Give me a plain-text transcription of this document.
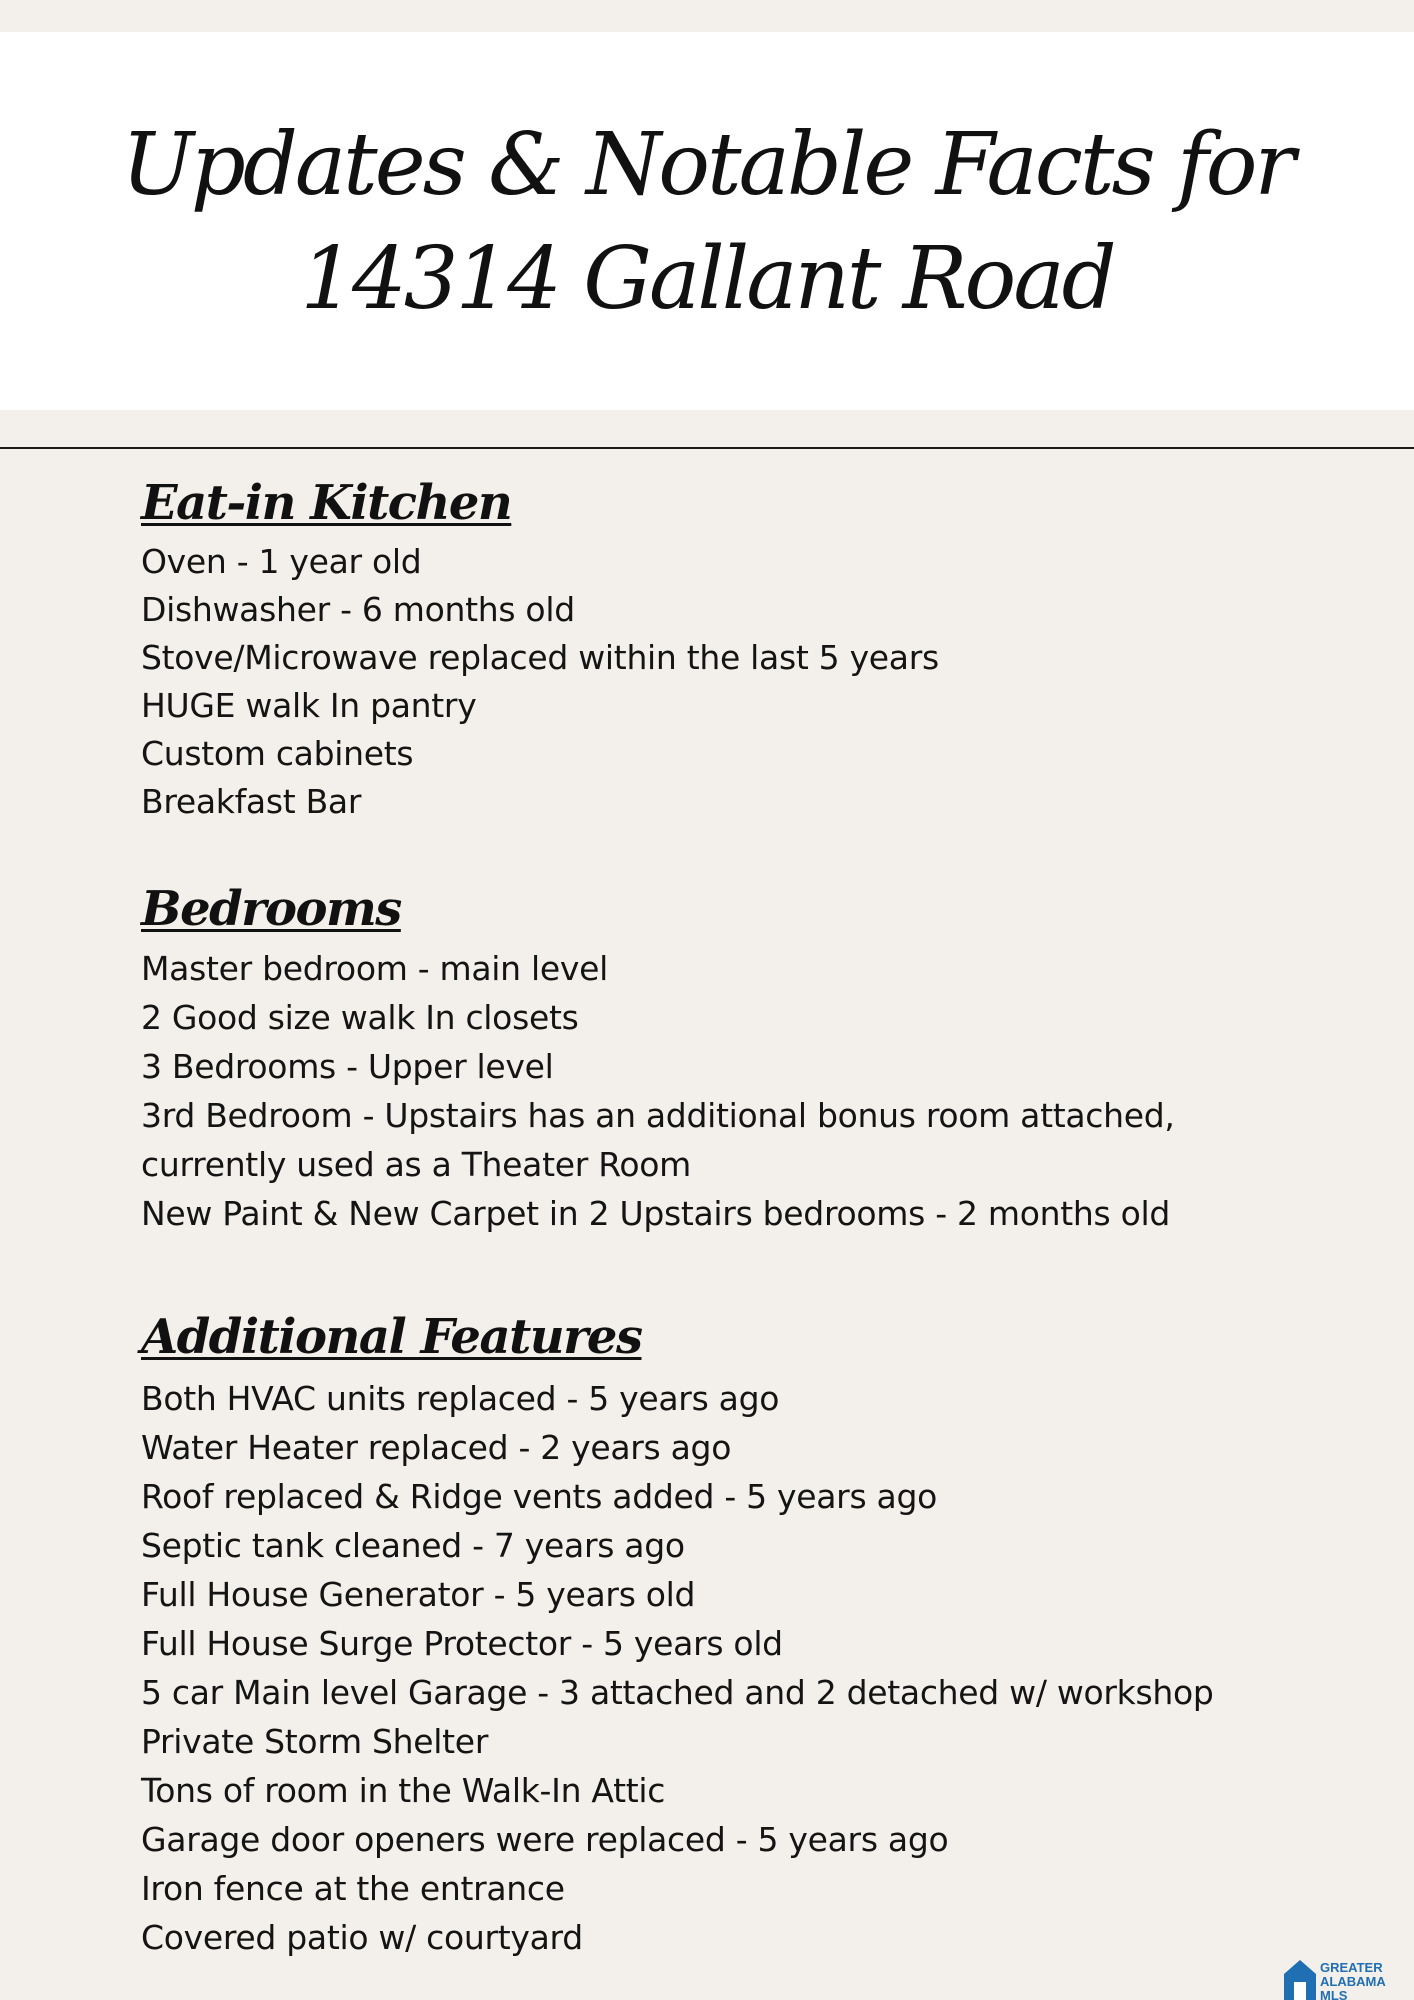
Updates & Notable Facts for
14314 Gallant Road
Eat-in Kitchen
Oven - 1 year old
Dishwasher - 6 months old
Stove/Microwave replaced within the last 5 years
HUGE walk In pantry
Custom cabinets
Breakfast Bar
Bedrooms
Master bedroom - main level
2 Good size walk In closets
3 Bedrooms - Upper level
3rd Bedroom - Upstairs has an additional bonus room attached,
currently used as a Theater Room
New Paint & New Carpet in 2 Upstairs bedrooms - 2 months old
Additional Features
Both HVAC units replaced - 5 years ago
Water Heater replaced - 2 years ago
Roof replaced & Ridge vents added - 5 years ago
Septic tank cleaned - 7 years ago
Full House Generator - 5 years old
Full House Surge Protector - 5 years old
5 car Main level Garage - 3 attached and 2 detached w/ workshop
Private Storm Shelter
Tons of room in the Walk-In Attic
Garage door openers were replaced - 5 years ago
Iron fence at the entrance
Covered patio w/ courtyard
GREATER
ALABAMA
MLS
